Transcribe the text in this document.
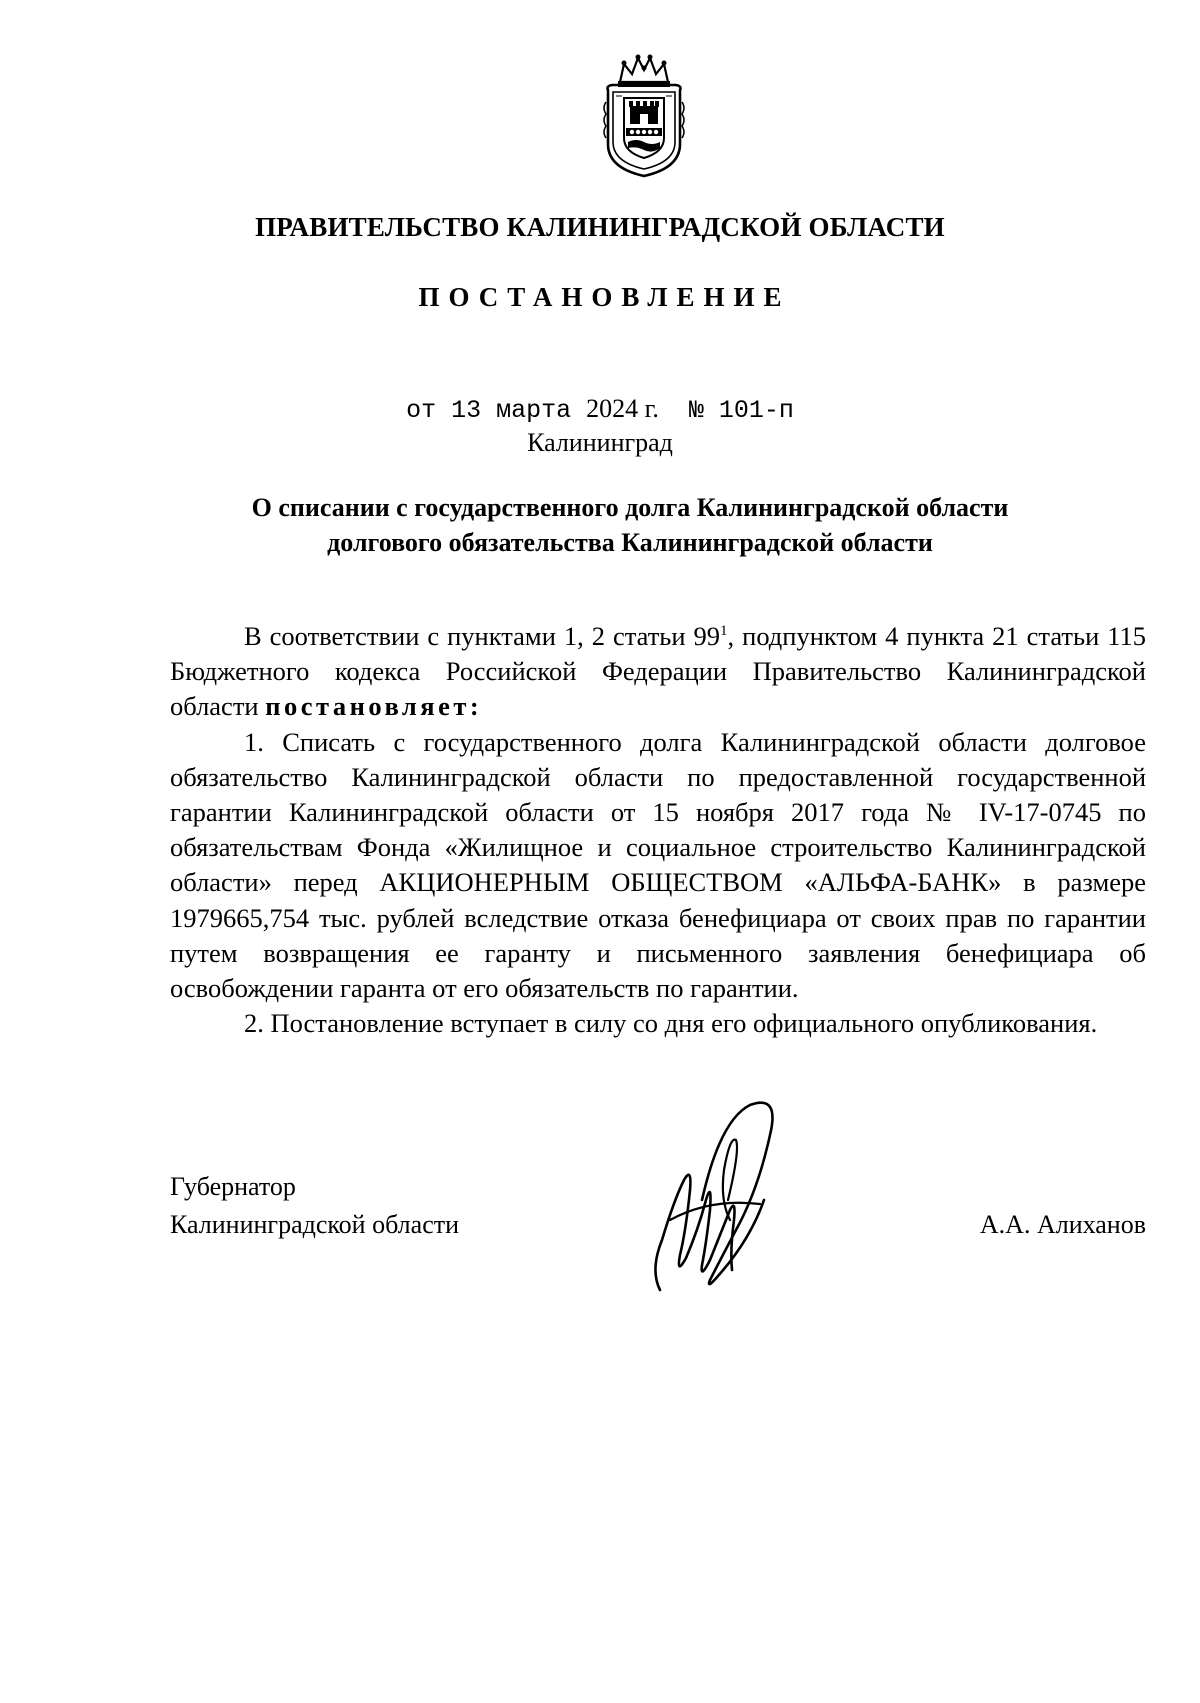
ПРАВИТЕЛЬСТВО КАЛИНИНГРАДСКОЙ ОБЛАСТИ
ПОСТАНОВЛЕНИЕ
от 13 марта 2024 г.  № 101-п
Калининград
О списании с государственного долга Калининградской области
долгового обязательства Калининградской области

В соответствии с пунктами 1, 2 статьи $99^1$, подпунктом 4 пункта 21 статьи 115 Бюджетного кодекса Российской Федерации Правительство Калининградской области постановляет:

1. Списать с государственного долга Калининградской области долговое обязательство Калининградской области по предоставленной государственной гарантии Калининградской области от 15 ноября 2017 года № IV-17-0745 по обязательствам Фонда «Жилищное и социальное строительство Калининградской области» перед АКЦИОНЕРНЫМ ОБЩЕСТВОМ «АЛЬФА-БАНК» в размере 1979665,754 тыс. рублей вследствие отказа бенефициара от своих прав по гарантии путем возвращения ее гаранту и письменного заявления бенефициара об освобождении гаранта от его обязательств по гарантии.

2. Постановление вступает в силу со дня его официального опубликования.

Губернатор
Калининградской области	А.А. Алиханов
